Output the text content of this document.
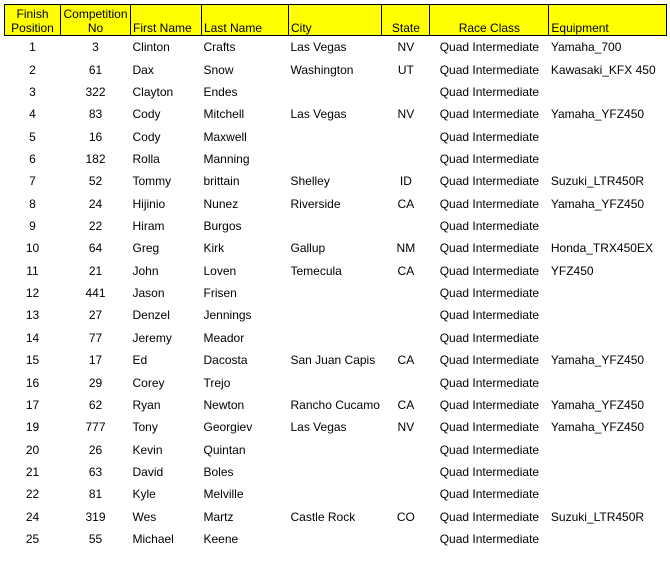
Finish Position	Competition No	First Name	Last Name	City	State	Race Class	Equipment
1	3	Clinton	Crafts	Las Vegas	NV	Quad Intermediate	Yamaha_700
2	61	Dax	Snow	Washington	UT	Quad Intermediate	Kawasaki_KFX 450
3	322	Clayton	Endes			Quad Intermediate	
4	83	Cody	Mitchell	Las Vegas	NV	Quad Intermediate	Yamaha_YFZ450
5	16	Cody	Maxwell			Quad Intermediate	
6	182	Rolla	Manning			Quad Intermediate	
7	52	Tommy	brittain	Shelley	ID	Quad Intermediate	Suzuki_LTR450R
8	24	Hijinio	Nunez	Riverside	CA	Quad Intermediate	Yamaha_YFZ450
9	22	Hiram	Burgos			Quad Intermediate	
10	64	Greg	Kirk	Gallup	NM	Quad Intermediate	Honda_TRX450EX
11	21	John	Loven	Temecula	CA	Quad Intermediate	YFZ450
12	441	Jason	Frisen			Quad Intermediate	
13	27	Denzel	Jennings			Quad Intermediate	
14	77	Jeremy	Meador			Quad Intermediate	
15	17	Ed	Dacosta	San Juan Capis	CA	Quad Intermediate	Yamaha_YFZ450
16	29	Corey	Trejo			Quad Intermediate	
17	62	Ryan	Newton	Rancho Cucamo	CA	Quad Intermediate	Yamaha_YFZ450
19	777	Tony	Georgiev	Las Vegas	NV	Quad Intermediate	Yamaha_YFZ450
20	26	Kevin	Quintan			Quad Intermediate	
21	63	David	Boles			Quad Intermediate	
22	81	Kyle	Melville			Quad Intermediate	
24	319	Wes	Martz	Castle Rock	CO	Quad Intermediate	Suzuki_LTR450R
25	55	Michael	Keene			Quad Intermediate	
